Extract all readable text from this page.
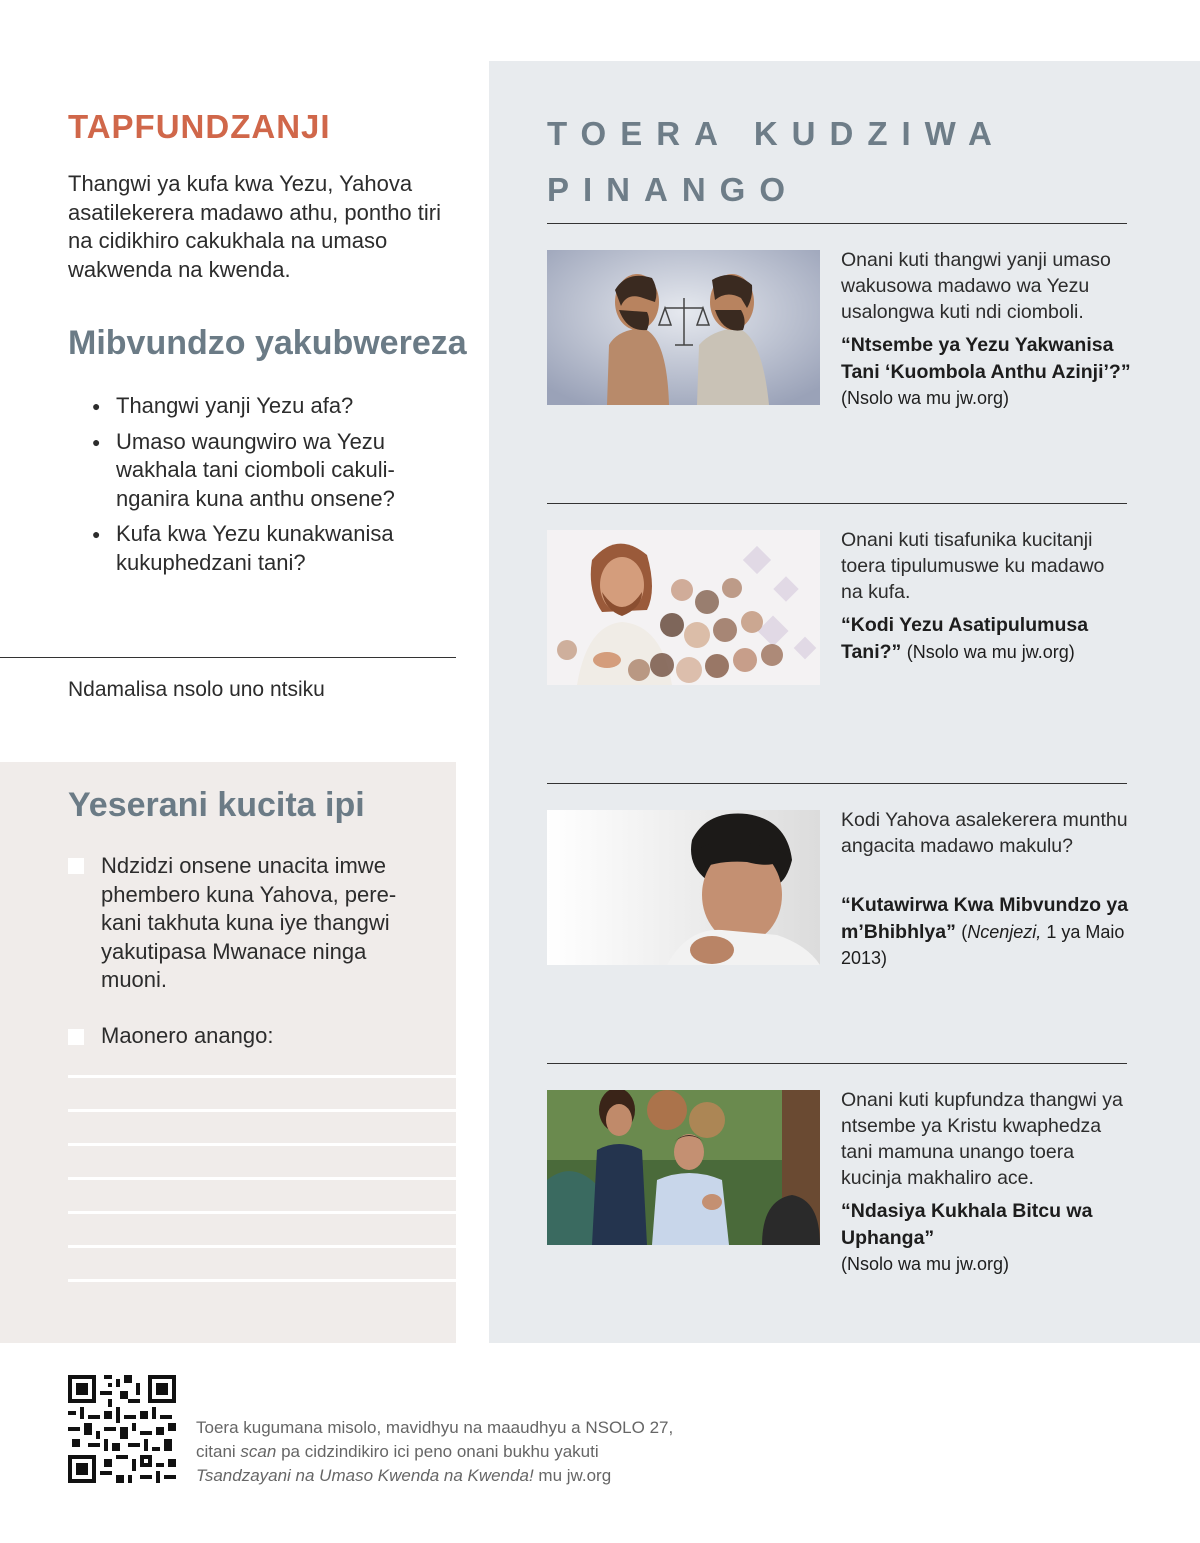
TAPFUNDZANJI

Thangwi ya kufa kwa Yezu, Yahova asatilekerera madawo athu, pontho tiri na cidikhiro cakukhala na umaso wakwenda na kwenda.

Mibvundzo yakubwereza
● Thangwi yanji Yezu afa?
● Umaso waungwiro wa Yezu wakhala tani ciomboli cakulinganira kuna anthu onsene?
● Kufa kwa Yezu kunakwanisa kukuphedzani tani?

Ndamalisa nsolo uno ntsiku

Yeserani kucita ipi

Ndzidzi onsene unacita imwe phembero kuna Yahova, perekani takhuta kuna iye thangwi yakutipasa Mwanace ninga muoni.

Maonero anango:

TOERA KUDZIWA
PINANGO

Onani kuti thangwi yanji umaso wakusowa madawo wa Yezu usalongwa kuti ndi ciomboli.

“Ntsembe ya Yezu Yakwanisa Tani ‘Kuombola Anthu Azinji’?” (Nsolo wa mu jw.org)

Onani kuti tisafunika kucitanji toera tipulumuswe ku madawo na kufa.

“Kodi Yezu Asatipulumusa Tani?” (Nsolo wa mu jw.org)

Kodi Yahova asalekerera munthu angacita madawo makulu?

“Kutawirwa Kwa Mibvundzo ya m’Bhibhlya” (Ncenjezi, 1 ya Maio 2013)

Onani kuti kupfundza thangwi ya ntsembe ya Kristu kwaphedza tani mamuna unango toera kucinja makhaliro ace.

“Ndasiya Kukhala Bitcu wa Uphanga”
(Nsolo wa mu jw.org)

Toera kugumana misolo, mavidhyu na maaudhyu a NSOLO 27,
citani scan pa cidzindikiro ici peno onani bukhu yakuti
Tsandzayani na Umaso Kwenda na Kwenda! mu jw.org
